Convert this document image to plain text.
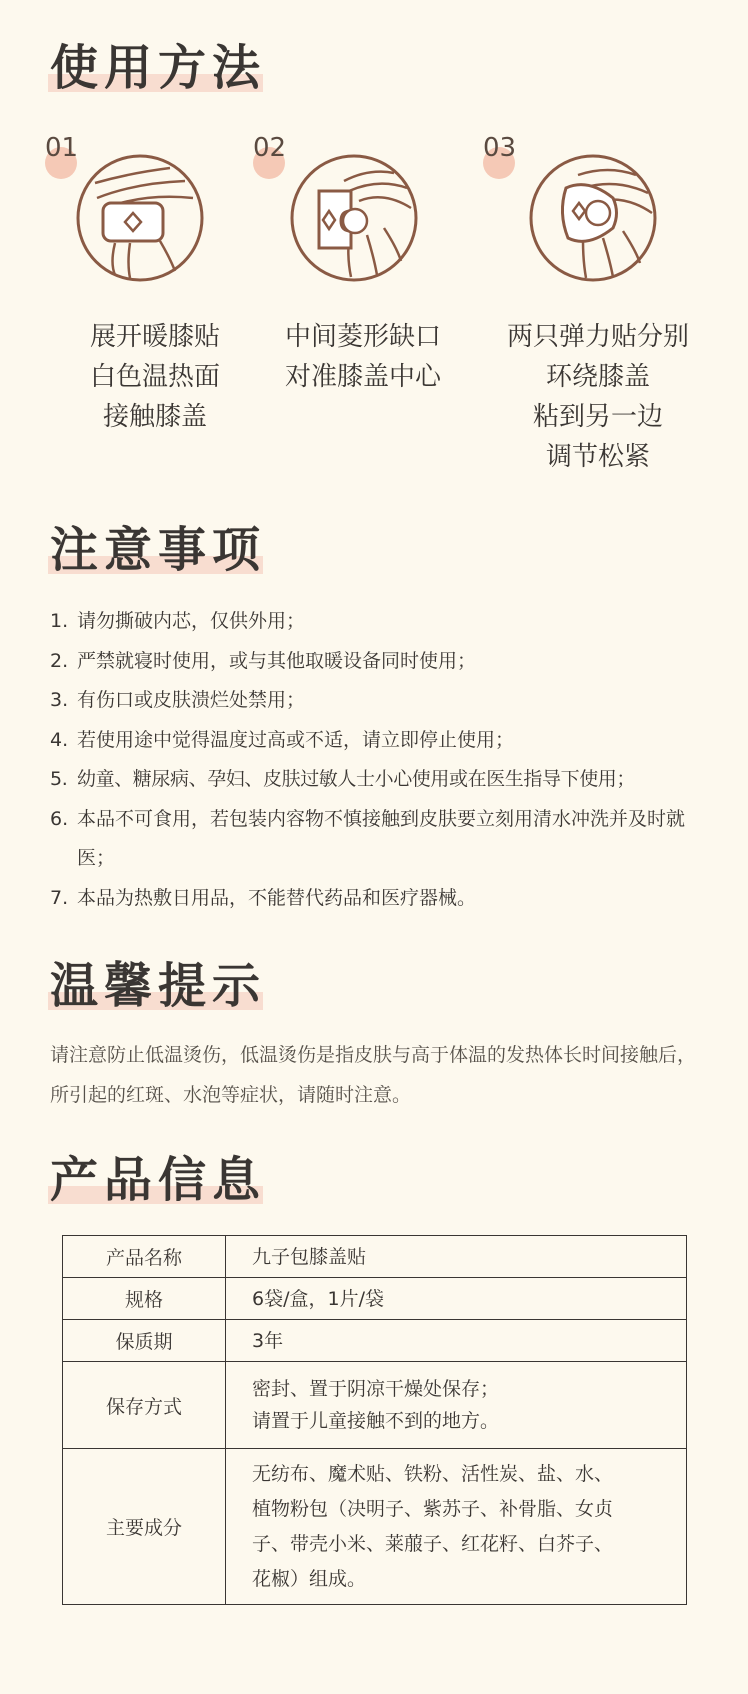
使用方法
01
展开暖膝贴
白色温热面
接触膝盖
02
中间菱形缺口
对准膝盖中心
03
两只弹力贴分别
环绕膝盖
粘到另一边
调节松紧
注意事项
1. 请勿撕破内芯，仅供外用；
2. 严禁就寝时使用，或与其他取暖设备同时使用；
3. 有伤口或皮肤溃烂处禁用；
4. 若使用途中觉得温度过高或不适，请立即停止使用；
5. 幼童、糖尿病、孕妇、皮肤过敏人士小心使用或在医生指导下使用；
6. 本品不可食用，若包装内容物不慎接触到皮肤要立刻用清水冲洗并及时就医；
7. 本品为热敷日用品，不能替代药品和医疗器械。
温馨提示
请注意防止低温烫伤，低温烫伤是指皮肤与高于体温的发热体长时间接触后，所引起的红斑、水泡等症状，请随时注意。
产品信息
产品名称	九子包膝盖贴

规格	6袋/盒，1片/袋

保质期	3年

保存方式	密封、置于阴凉干燥处保存；
请置于儿童接触不到的地方。

主要成分	无纺布、魔术贴、铁粉、活性炭、盐、水、
植物粉包（决明子、紫苏子、补骨脂、女贞
子、带壳小米、莱菔子、红花籽、白芥子、
花椒）组成。
